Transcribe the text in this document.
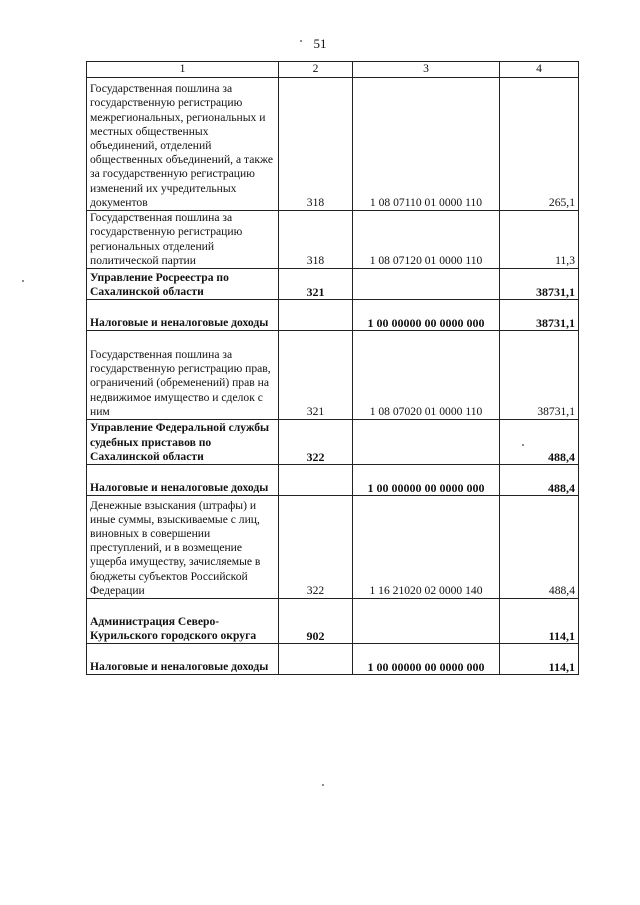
51
1	2	3	4
Государственная пошлина за государственную регистрацию межрегиональных, региональных и местных общественных объединений, отделений общественных объединений, а также за государственную регистрацию изменений их учредительных документов	318	1 08 07110 01 0000 110	265,1
Государственная пошлина за государственную регистрацию региональных отделений политической партии	318	1 08 07120 01 0000 110	11,3
Управление Росреестра по Сахалинской области	321		38731,1
Налоговые и неналоговые доходы		1 00 00000 00 0000 000	38731,1
Государственная пошлина за государственную регистрацию прав, ограничений (обременений) прав на недвижимое имущество и сделок с ним	321	1 08 07020 01 0000 110	38731,1
Управление Федеральной службы судебных приставов по Сахалинской области	322		488,4
Налоговые и неналоговые доходы		1 00 00000 00 0000 000	488,4
Денежные взыскания (штрафы) и иные суммы, взыскиваемые с лиц, виновных в совершении преступлений, и в возмещение ущерба имуществу, зачисляемые в бюджеты субъектов Российской Федерации	322	1 16 21020 02 0000 140	488,4
Администрация Северо-Курильского городского округа	902		114,1
Налоговые и неналоговые доходы		1 00 00000 00 0000 000	114,1
